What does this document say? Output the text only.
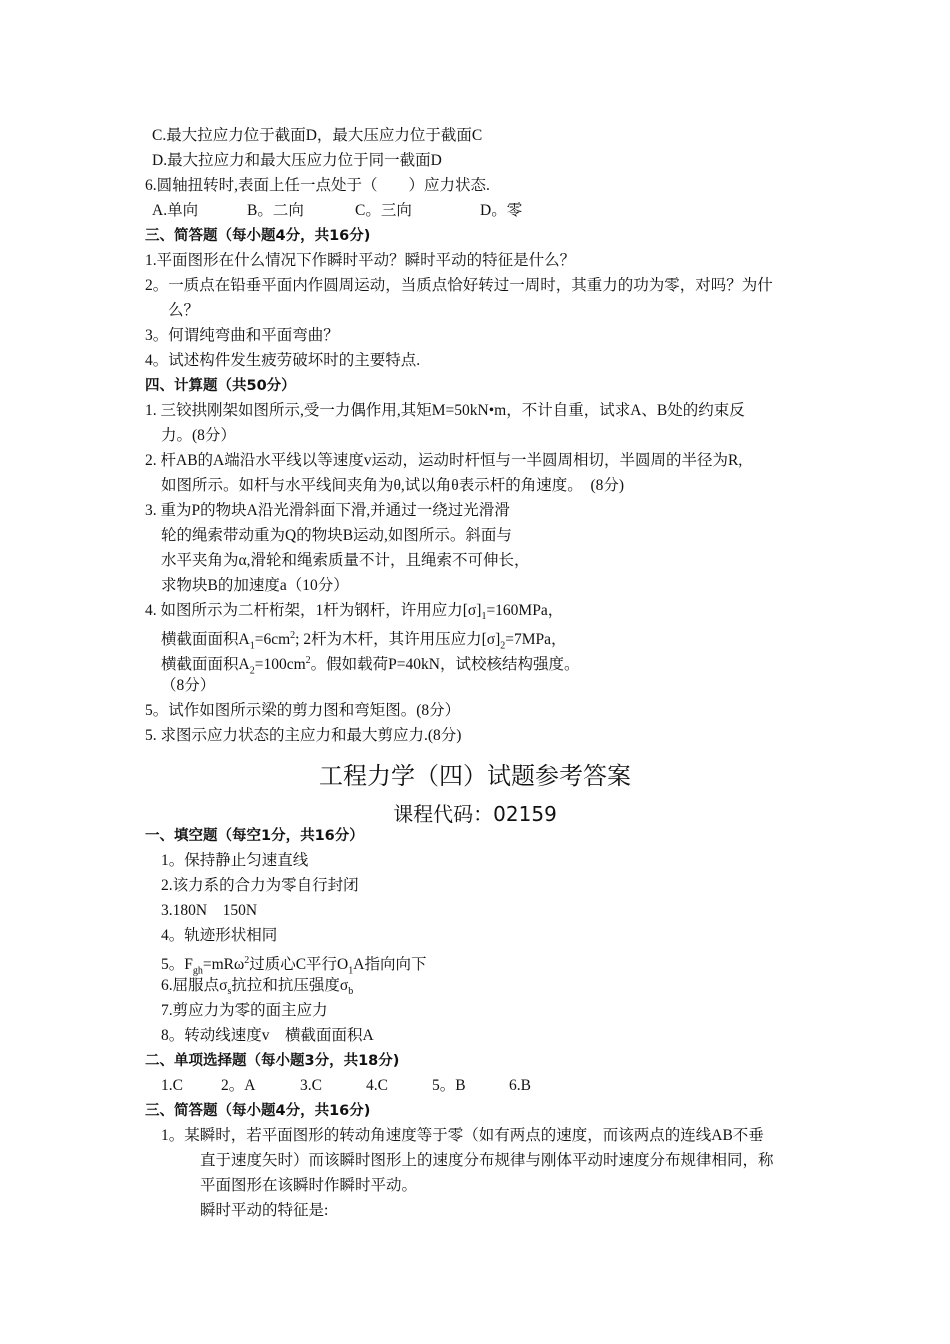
C.最大拉应力位于截面D，最大压应力位于截面C
D.最大拉应力和最大压应力位于同一截面D
6.圆轴扭转时,表面上任一点处于（　　）应力状态.
A.单向	B。二向	C。三向	D。零
三、简答题（每小题4分，共16分)
1.平面图形在什么情况下作瞬时平动？瞬时平动的特征是什么？
2。一质点在铅垂平面内作圆周运动，当质点恰好转过一周时，其重力的功为零，对吗？为什
么？
3。何谓纯弯曲和平面弯曲？
4。试述构件发生疲劳破坏时的主要特点.
四、计算题（共50分）
1. 三铰拱刚架如图所示,受一力偶作用,其矩M=50kN•m，不计自重，试求A、B处的约束反
力。(8分）
2. 杆AB的A端沿水平线以等速度v运动，运动时杆恒与一半圆周相切，半圆周的半径为R,
如图所示。如杆与水平线间夹角为θ,试以角θ表示杆的角速度。　(8分)
3. 重为P的物块A沿光滑斜面下滑,并通过一绕过光滑滑
轮的绳索带动重为Q的物块B运动,如图所示。斜面与
水平夹角为α,滑轮和绳索质量不计，且绳索不可伸长，
求物块B的加速度a（10分）
4. 如图所示为二杆桁架，1杆为钢杆，许用应力$[\sigma]_1=160MPa$，
横截面面积$A_1=6cm^2$; 2杆为木杆，其许用压应力$[\sigma]_2=7MPa$，
横截面面积$A_2=100cm^2$。假如载荷P=40kN，试校核结构强度。
（8分）
5。试作如图所示梁的剪力图和弯矩图。(8分）
5. 求图示应力状态的主应力和最大剪应力.(8分)
工程力学（四）试题参考答案
课程代码：02159
一、填空题（每空1分，共16分）
1。保持静止匀速直线
2.该力系的合力为零自行封闭
3.180N　150N
4。轨迹形状相同
5。$F_{gh}=mR\omega^2$过质心C平行$O_1A$指向向下
6.屈服点$\sigma_s$抗拉和抗压强度$\sigma_b$
7.剪应力为零的面主应力
8。转动线速度v　横截面面积A
二、单项选择题（每小题3分，共18分)
1.C 2。A	3.C	4.C	5。B	6.B
三、简答题（每小题4分，共16分)
1。某瞬时，若平面图形的转动角速度等于零（如有两点的速度，而该两点的连线AB不垂
直于速度矢时）而该瞬时图形上的速度分布规律与刚体平动时速度分布规律相同，称
平面图形在该瞬时作瞬时平动。
瞬时平动的特征是:
